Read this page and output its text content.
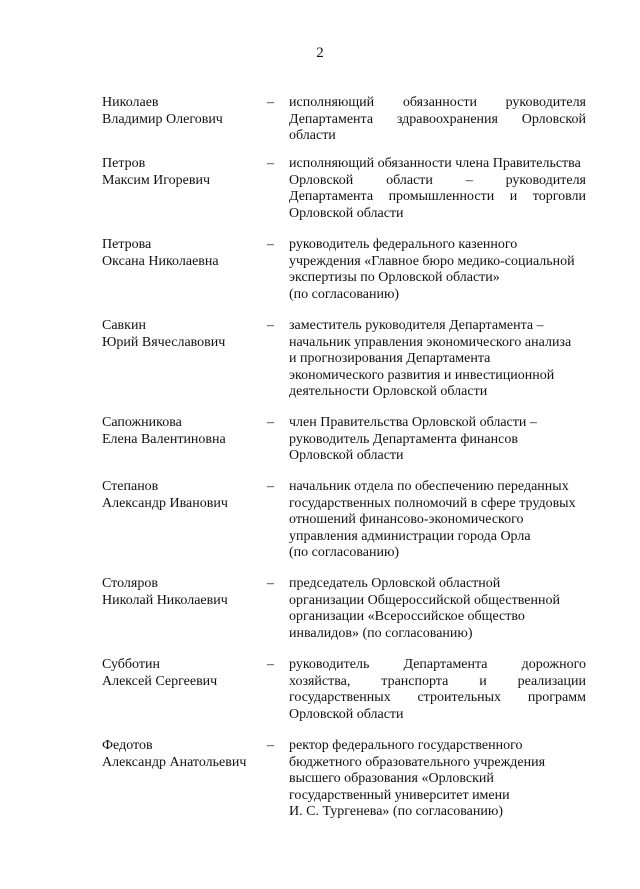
2
Николаев
Владимир Олегович
– исполняющий обязанности руководителя
Департамента здравоохранения Орловской
области
Петров
Максим Игоревич
– исполняющий обязанности члена Правительства
Орловской области – руководителя
Департамента промышленности и торговли
Орловской области
Петрова
Оксана Николаевна
– руководитель федерального казенного
учреждения «Главное бюро медико-социальной
экспертизы по Орловской области»
(по согласованию)
Савкин
Юрий Вячеславович
– заместитель руководителя Департамента –
начальник управления экономического анализа
и прогнозирования Департамента
экономического развития и инвестиционной
деятельности Орловской области
Сапожникова
Елена Валентиновна
– член Правительства Орловской области –
руководитель Департамента финансов
Орловской области
Степанов
Александр Иванович
– начальник отдела по обеспечению переданных
государственных полномочий в сфере трудовых
отношений финансово-экономического
управления администрации города Орла
(по согласованию)
Столяров
Николай Николаевич
– председатель Орловской областной
организации Общероссийской общественной
организации «Всероссийское общество
инвалидов» (по согласованию)
Субботин
Алексей Сергеевич
– руководитель Департамента дорожного
хозяйства, транспорта и реализации
государственных строительных программ
Орловской области
Федотов
Александр Анатольевич
– ректор федерального государственного
бюджетного образовательного учреждения
высшего образования «Орловский
государственный университет имени
И. С. Тургенева» (по согласованию)
